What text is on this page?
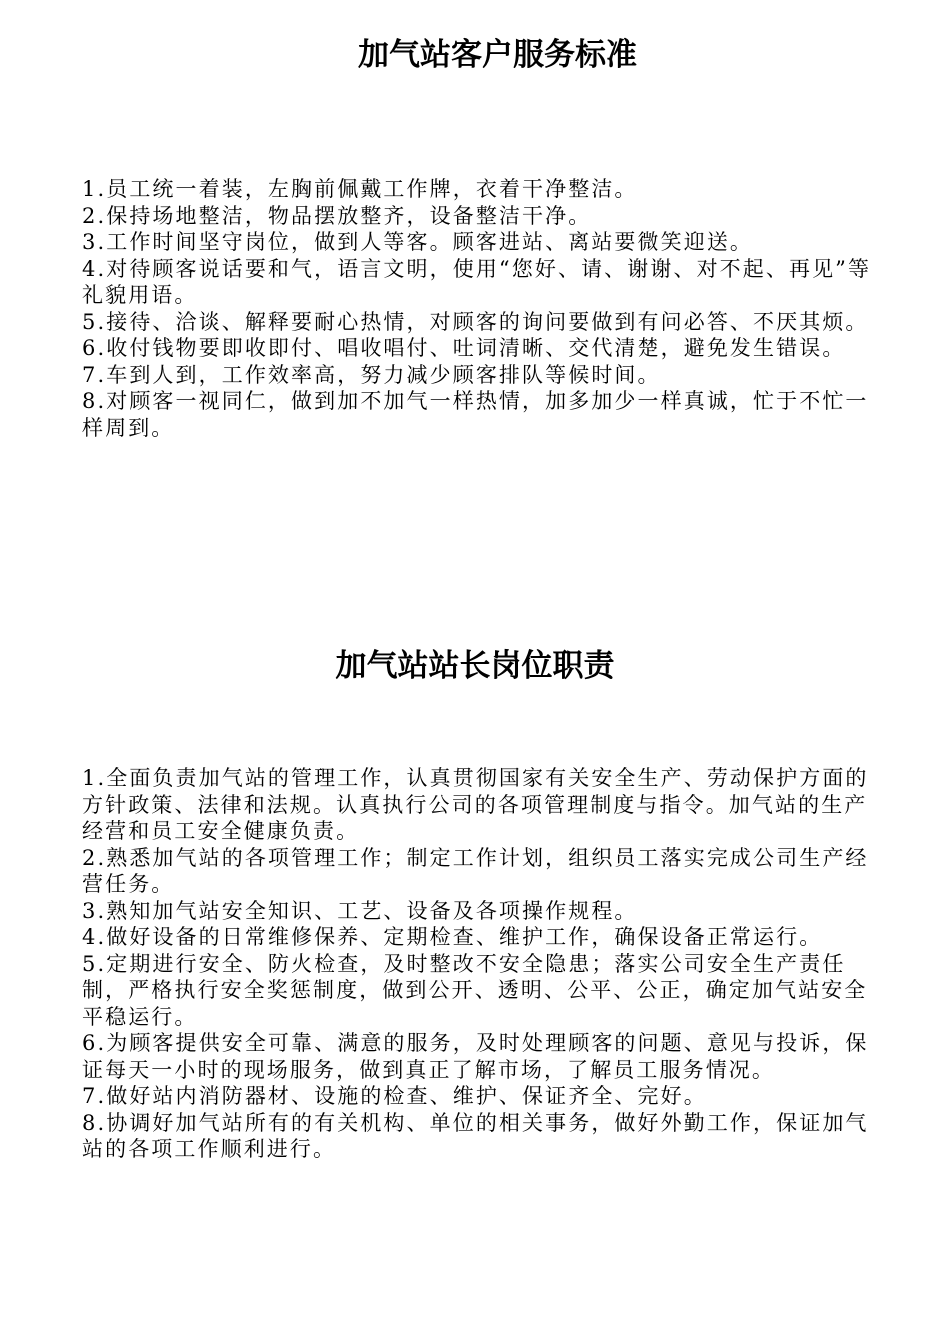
加气站客户服务标准
1.员工统一着装，左胸前佩戴工作牌，衣着干净整洁。
2.保持场地整洁，物品摆放整齐，设备整洁干净。
3.工作时间坚守岗位，做到人等客。顾客进站、离站要微笑迎送。
4.对待顾客说话要和气，语言文明，使用“您好、请、谢谢、对不起、再见”等礼貌用语。
5.接待、洽谈、解释要耐心热情，对顾客的询问要做到有问必答、不厌其烦。
6.收付钱物要即收即付、唱收唱付、吐词清晰、交代清楚，避免发生错误。
7.车到人到，工作效率高，努力减少顾客排队等候时间。
8.对顾客一视同仁，做到加不加气一样热情，加多加少一样真诚，忙于不忙一样周到。
加气站站长岗位职责
1.全面负责加气站的管理工作，认真贯彻国家有关安全生产、劳动保护方面的方针政策、法律和法规。认真执行公司的各项管理制度与指令。加气站的生产经营和员工安全健康负责。
2.熟悉加气站的各项管理工作；制定工作计划，组织员工落实完成公司生产经营任务。
3.熟知加气站安全知识、工艺、设备及各项操作规程。
4.做好设备的日常维修保养、定期检查、维护工作，确保设备正常运行。
5.定期进行安全、防火检查，及时整改不安全隐患；落实公司安全生产责任制，严格执行安全奖惩制度，做到公开、透明、公平、公正，确定加气站安全平稳运行。
6.为顾客提供安全可靠、满意的服务，及时处理顾客的问题、意见与投诉，保证每天一小时的现场服务，做到真正了解市场，了解员工服务情况。
7.做好站内消防器材、设施的检查、维护、保证齐全、完好。
8.协调好加气站所有的有关机构、单位的相关事务，做好外勤工作，保证加气站的各项工作顺利进行。
